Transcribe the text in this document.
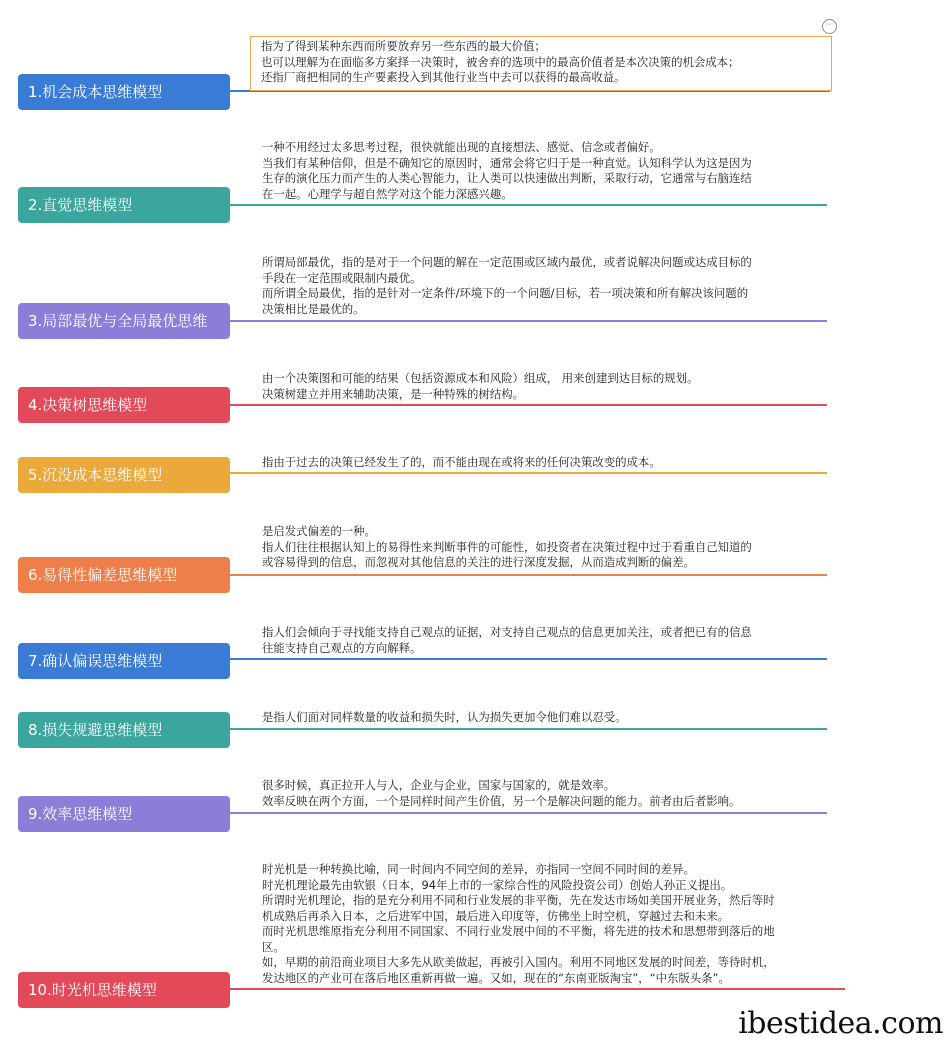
1.机会成本思维模型
指为了得到某种东西而所要放弃另一些东西的最大价值；
也可以理解为在面临多方案择一决策时，被舍弃的选项中的最高价值者是本次决策的机会成本；
还指厂商把相同的生产要素投入到其他行业当中去可以获得的最高收益。
2.直觉思维模型
一种不用经过太多思考过程，很快就能出现的直接想法、感觉、信念或者偏好。
当我们有某种信仰，但是不确知它的原因时，通常会将它归于是一种直觉。认知科学认为这是因为
生存的演化压力而产生的人类心智能力，让人类可以快速做出判断，采取行动，它通常与右脑连结
在一起。心理学与超自然学对这个能力深感兴趣。
3.局部最优与全局最优思维
所谓局部最优，指的是对于一个问题的解在一定范围或区域内最优，或者说解决问题或达成目标的
手段在一定范围或限制内最优。
而所谓全局最优，指的是针对一定条件/环境下的一个问题/目标，若一项决策和所有解决该问题的
决策相比是最优的。
4.决策树思维模型
由一个决策图和可能的结果（包括资源成本和风险）组成， 用来创建到达目标的规划。
决策树建立并用来辅助决策，是一种特殊的树结构。
5.沉没成本思维模型
指由于过去的决策已经发生了的，而不能由现在或将来的任何决策改变的成本。
6.易得性偏差思维模型
是启发式偏差的一种。
指人们往往根据认知上的易得性来判断事件的可能性，如投资者在决策过程中过于看重自己知道的
或容易得到的信息，而忽视对其他信息的关注的进行深度发掘，从而造成判断的偏差。
7.确认偏误思维模型
指人们会倾向于寻找能支持自己观点的证据，对支持自己观点的信息更加关注，或者把已有的信息
往能支持自己观点的方向解释。
8.损失规避思维模型
是指人们面对同样数量的收益和损失时，认为损失更加令他们难以忍受。
9.效率思维模型
很多时候，真正拉开人与人，企业与企业，国家与国家的，就是效率。
效率反映在两个方面，一个是同样时间产生价值，另一个是解决问题的能力。前者由后者影响。
10.时光机思维模型
时光机是一种转换比喻，同一时间内不同空间的差异，亦指同一空间不同时间的差异。
时光机理论最先由软银（日本，94年上市的一家综合性的风险投资公司）创始人孙正义提出。
所谓时光机理论，指的是充分利用不同和行业发展的非平衡，先在发达市场如美国开展业务，然后等时
机成熟后再杀入日本，之后进军中国，最后进入印度等，仿佛坐上时空机，穿越过去和未来。
而时光机思维原指充分利用不同国家、不同行业发展中间的不平衡，将先进的技术和思想带到落后的地
区。
如，早期的前沿商业项目大多先从欧美做起，再被引入国内。利用不同地区发展的时间差，等待时机，
发达地区的产业可在落后地区重新再做一遍。又如，现在的“东南亚版淘宝”，“中东版头条”。
···
ibestidea.com
